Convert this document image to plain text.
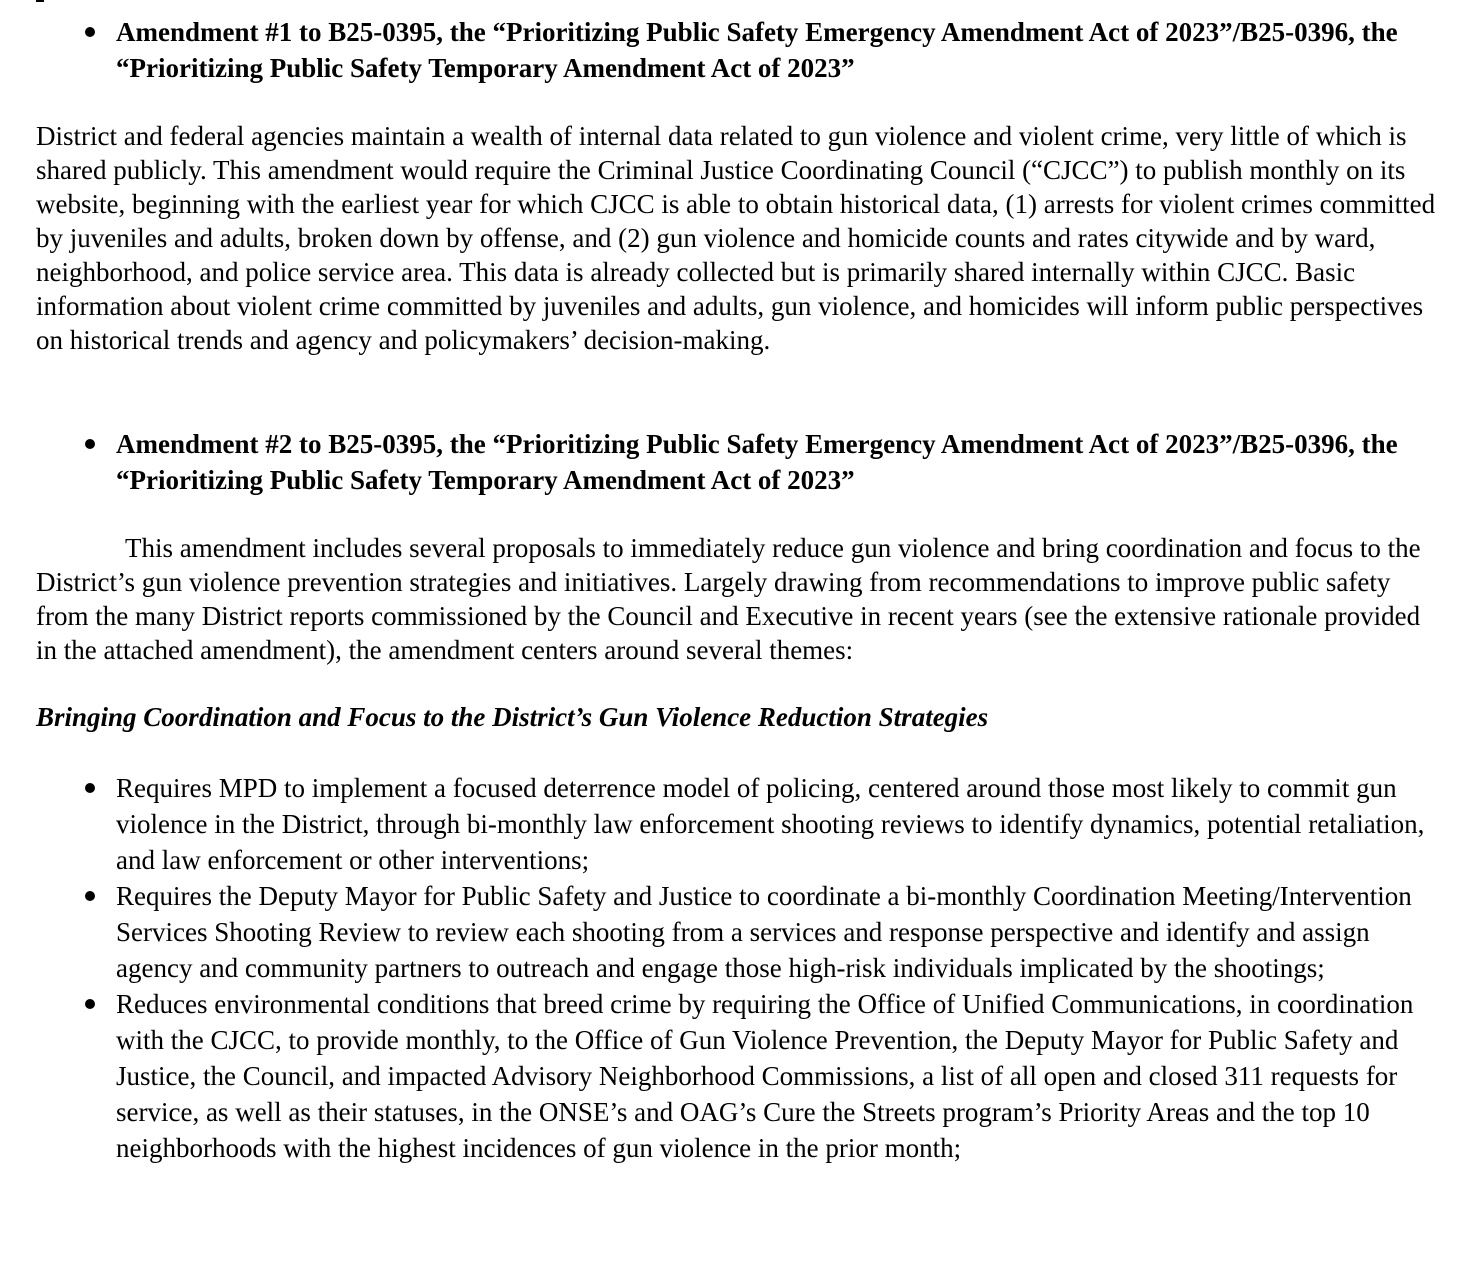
Amendment #1 to B25-0395, the “Prioritizing Public Safety Emergency Amendment Act of 2023”/B25-0396, the “Prioritizing Public Safety Temporary Amendment Act of 2023”

District and federal agencies maintain a wealth of internal data related to gun violence and violent crime, very little of which is shared publicly. This amendment would require the Criminal Justice Coordinating Council (“CJCC”) to publish monthly on its website, beginning with the earliest year for which CJCC is able to obtain historical data, (1) arrests for violent crimes committed by juveniles and adults, broken down by offense, and (2) gun violence and homicide counts and rates citywide and by ward, neighborhood, and police service area. This data is already collected but is primarily shared internally within CJCC. Basic information about violent crime committed by juveniles and adults, gun violence, and homicides will inform public perspectives on historical trends and agency and policymakers’ decision-making.

Amendment #2 to B25-0395, the “Prioritizing Public Safety Emergency Amendment Act of 2023”/B25-0396, the “Prioritizing Public Safety Temporary Amendment Act of 2023”

This amendment includes several proposals to immediately reduce gun violence and bring coordination and focus to the District’s gun violence prevention strategies and initiatives. Largely drawing from recommendations to improve public safety from the many District reports commissioned by the Council and Executive in recent years (see the extensive rationale provided in the attached amendment), the amendment centers around several themes:

Bringing Coordination and Focus to the District’s Gun Violence Reduction Strategies

Requires MPD to implement a focused deterrence model of policing, centered around those most likely to commit gun violence in the District, through bi-monthly law enforcement shooting reviews to identify dynamics, potential retaliation, and law enforcement or other interventions;
Requires the Deputy Mayor for Public Safety and Justice to coordinate a bi-monthly Coordination Meeting/Intervention Services Shooting Review to review each shooting from a services and response perspective and identify and assign agency and community partners to outreach and engage those high-risk individuals implicated by the shootings;
Reduces environmental conditions that breed crime by requiring the Office of Unified Communications, in coordination with the CJCC, to provide monthly, to the Office of Gun Violence Prevention, the Deputy Mayor for Public Safety and Justice, the Council, and impacted Advisory Neighborhood Commissions, a list of all open and closed 311 requests for service, as well as their statuses, in the ONSE’s and OAG’s Cure the Streets program’s Priority Areas and the top 10 neighborhoods with the highest incidences of gun violence in the prior month;
